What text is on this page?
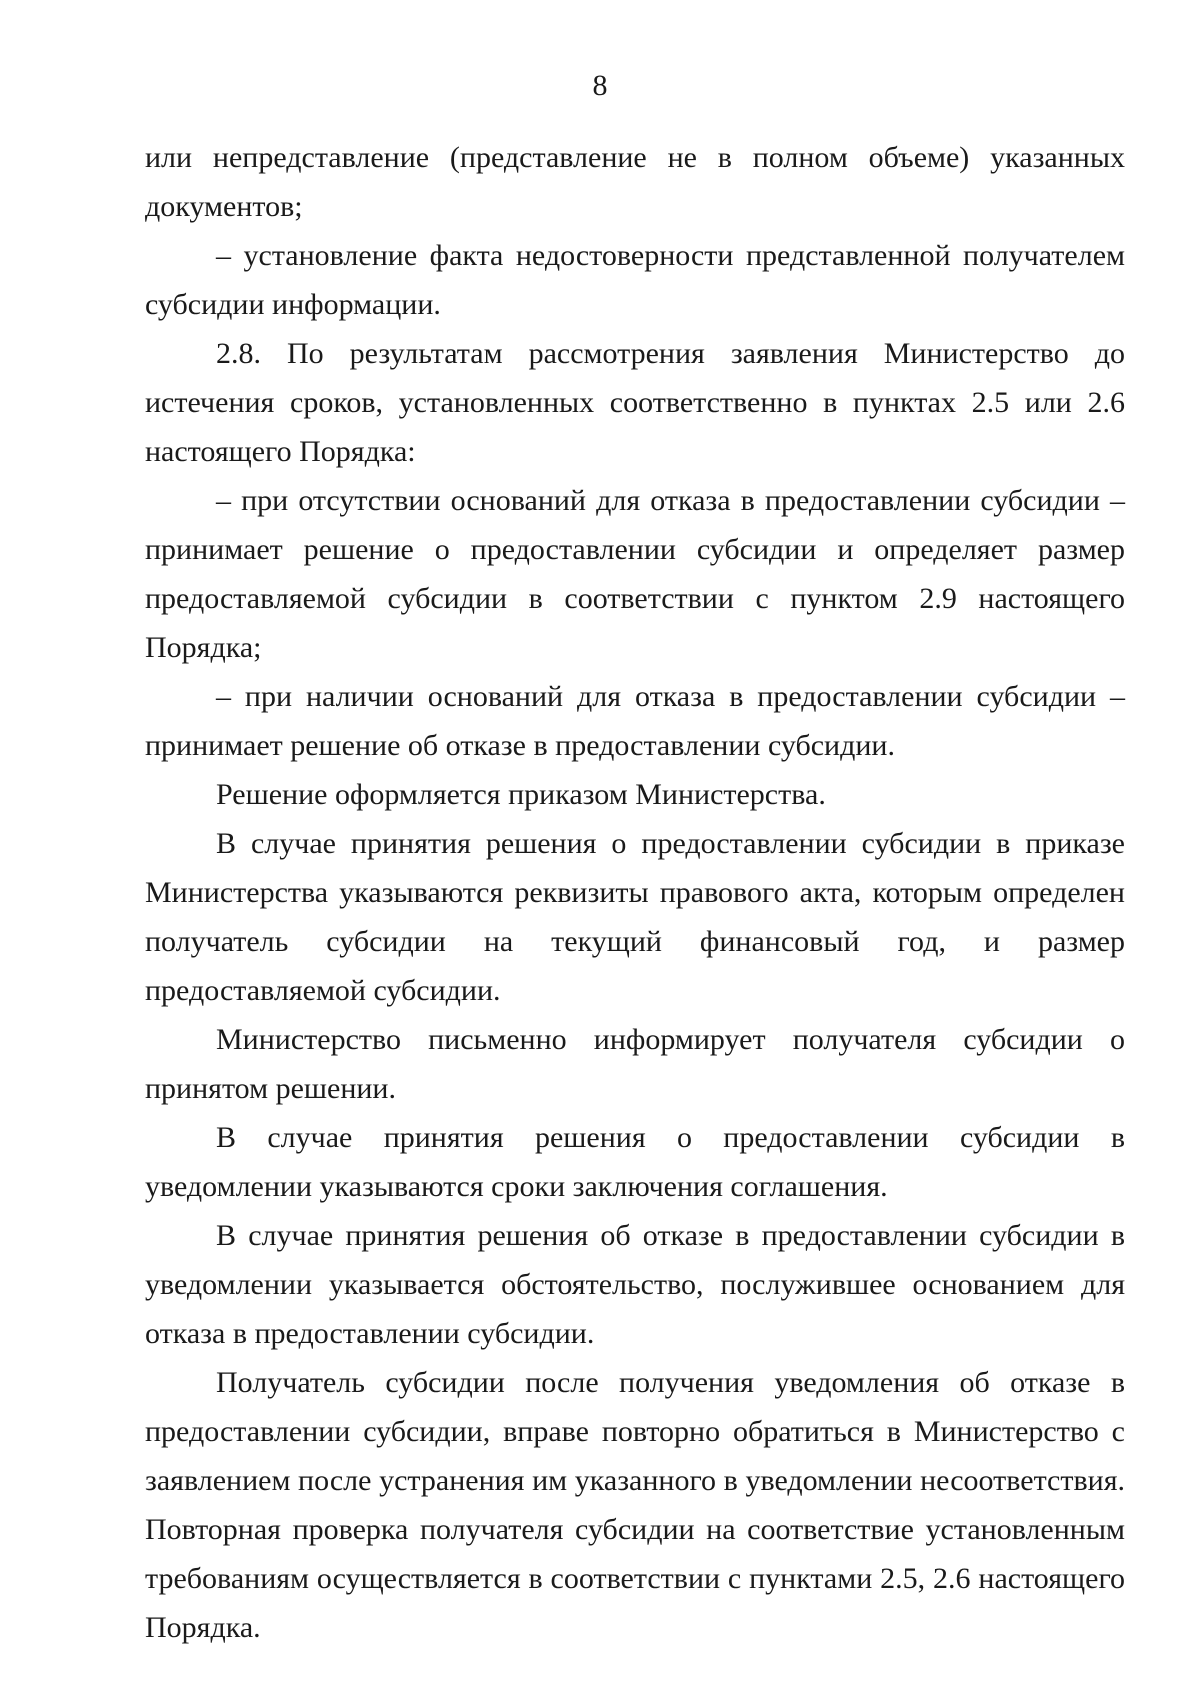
8

или непредставление (представление не в полном объеме) указанных документов;

– установление факта недостоверности представленной получателем субсидии информации.

2.8. По результатам рассмотрения заявления Министерство до истечения сроков, установленных соответственно в пунктах 2.5 или 2.6 настоящего Порядка:

– при отсутствии оснований для отказа в предоставлении субсидии – принимает решение о предоставлении субсидии и определяет размер предоставляемой субсидии в соответствии с пунктом 2.9 настоящего Порядка;

– при наличии оснований для отказа в предоставлении субсидии – принимает решение об отказе в предоставлении субсидии.

Решение оформляется приказом Министерства.

В случае принятия решения о предоставлении субсидии в приказе Министерства указываются реквизиты правового акта, которым определен получатель субсидии на текущий финансовый год, и размер предоставляемой субсидии.

Министерство письменно информирует получателя субсидии о принятом решении.

В случае принятия решения о предоставлении субсидии в уведомлении указываются сроки заключения соглашения.

В случае принятия решения об отказе в предоставлении субсидии в уведомлении указывается обстоятельство, послужившее основанием для отказа в предоставлении субсидии.

Получатель субсидии после получения уведомления об отказе в предоставлении субсидии, вправе повторно обратиться в Министерство с заявлением после устранения им указанного в уведомлении несоответствия. Повторная проверка получателя субсидии на соответствие установленным требованиям осуществляется в соответствии с пунктами 2.5, 2.6 настоящего Порядка.
